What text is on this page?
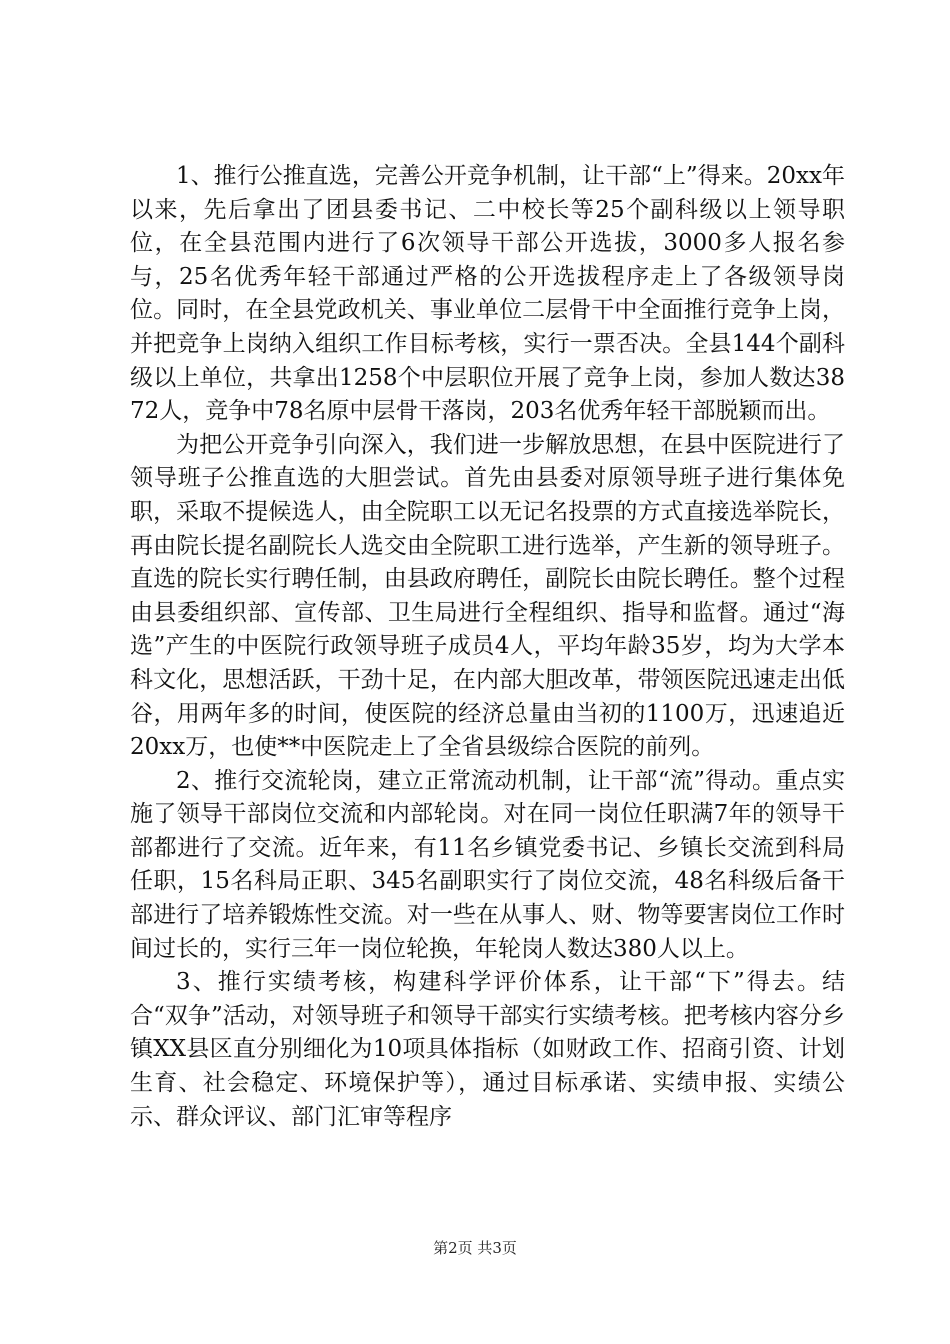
1、推行公推直选，完善公开竞争机制，让干部“上”得来。20xx年以来，先后拿出了团县委书记、二中校长等25个副科级以上领导职位，在全县范围内进行了6次领导干部公开选拔，3000多人报名参与，25名优秀年轻干部通过严格的公开选拔程序走上了各级领导岗位。同时，在全县党政机关、事业单位二层骨干中全面推行竞争上岗，并把竞争上岗纳入组织工作目标考核，实行一票否决。全县144个副科级以上单位，共拿出1258个中层职位开展了竞争上岗，参加人数达3872人，竞争中78名原中层骨干落岗，203名优秀年轻干部脱颖而出。

为把公开竞争引向深入，我们进一步解放思想，在县中医院进行了领导班子公推直选的大胆尝试。首先由县委对原领导班子进行集体免职，采取不提候选人，由全院职工以无记名投票的方式直接选举院长，再由院长提名副院长人选交由全院职工进行选举，产生新的领导班子。直选的院长实行聘任制，由县政府聘任，副院长由院长聘任。整个过程由县委组织部、宣传部、卫生局进行全程组织、指导和监督。通过“海选”产生的中医院行政领导班子成员4人，平均年龄35岁，均为大学本科文化，思想活跃，干劲十足，在内部大胆改革，带领医院迅速走出低谷，用两年多的时间，使医院的经济总量由当初的1100万，迅速追近20xx万，也使**中医院走上了全省县级综合医院的前列。

2、推行交流轮岗，建立正常流动机制，让干部“流”得动。重点实施了领导干部岗位交流和内部轮岗。对在同一岗位任职满7年的领导干部都进行了交流。近年来，有11名乡镇党委书记、乡镇长交流到科局任职，15名科局正职、345名副职实行了岗位交流，48名科级后备干部进行了培养锻炼性交流。对一些在从事人、财、物等要害岗位工作时间过长的，实行三年一岗位轮换，年轮岗人数达380人以上。

3、推行实绩考核，构建科学评价体系，让干部“下”得去。结合“双争”活动，对领导班子和领导干部实行实绩考核。把考核内容分乡镇XX县区直分别细化为10项具体指标（如财政工作、招商引资、计划生育、社会稳定、环境保护等），通过目标承诺、实绩申报、实绩公示、群众评议、部门汇审等程序

第2页 共3页
